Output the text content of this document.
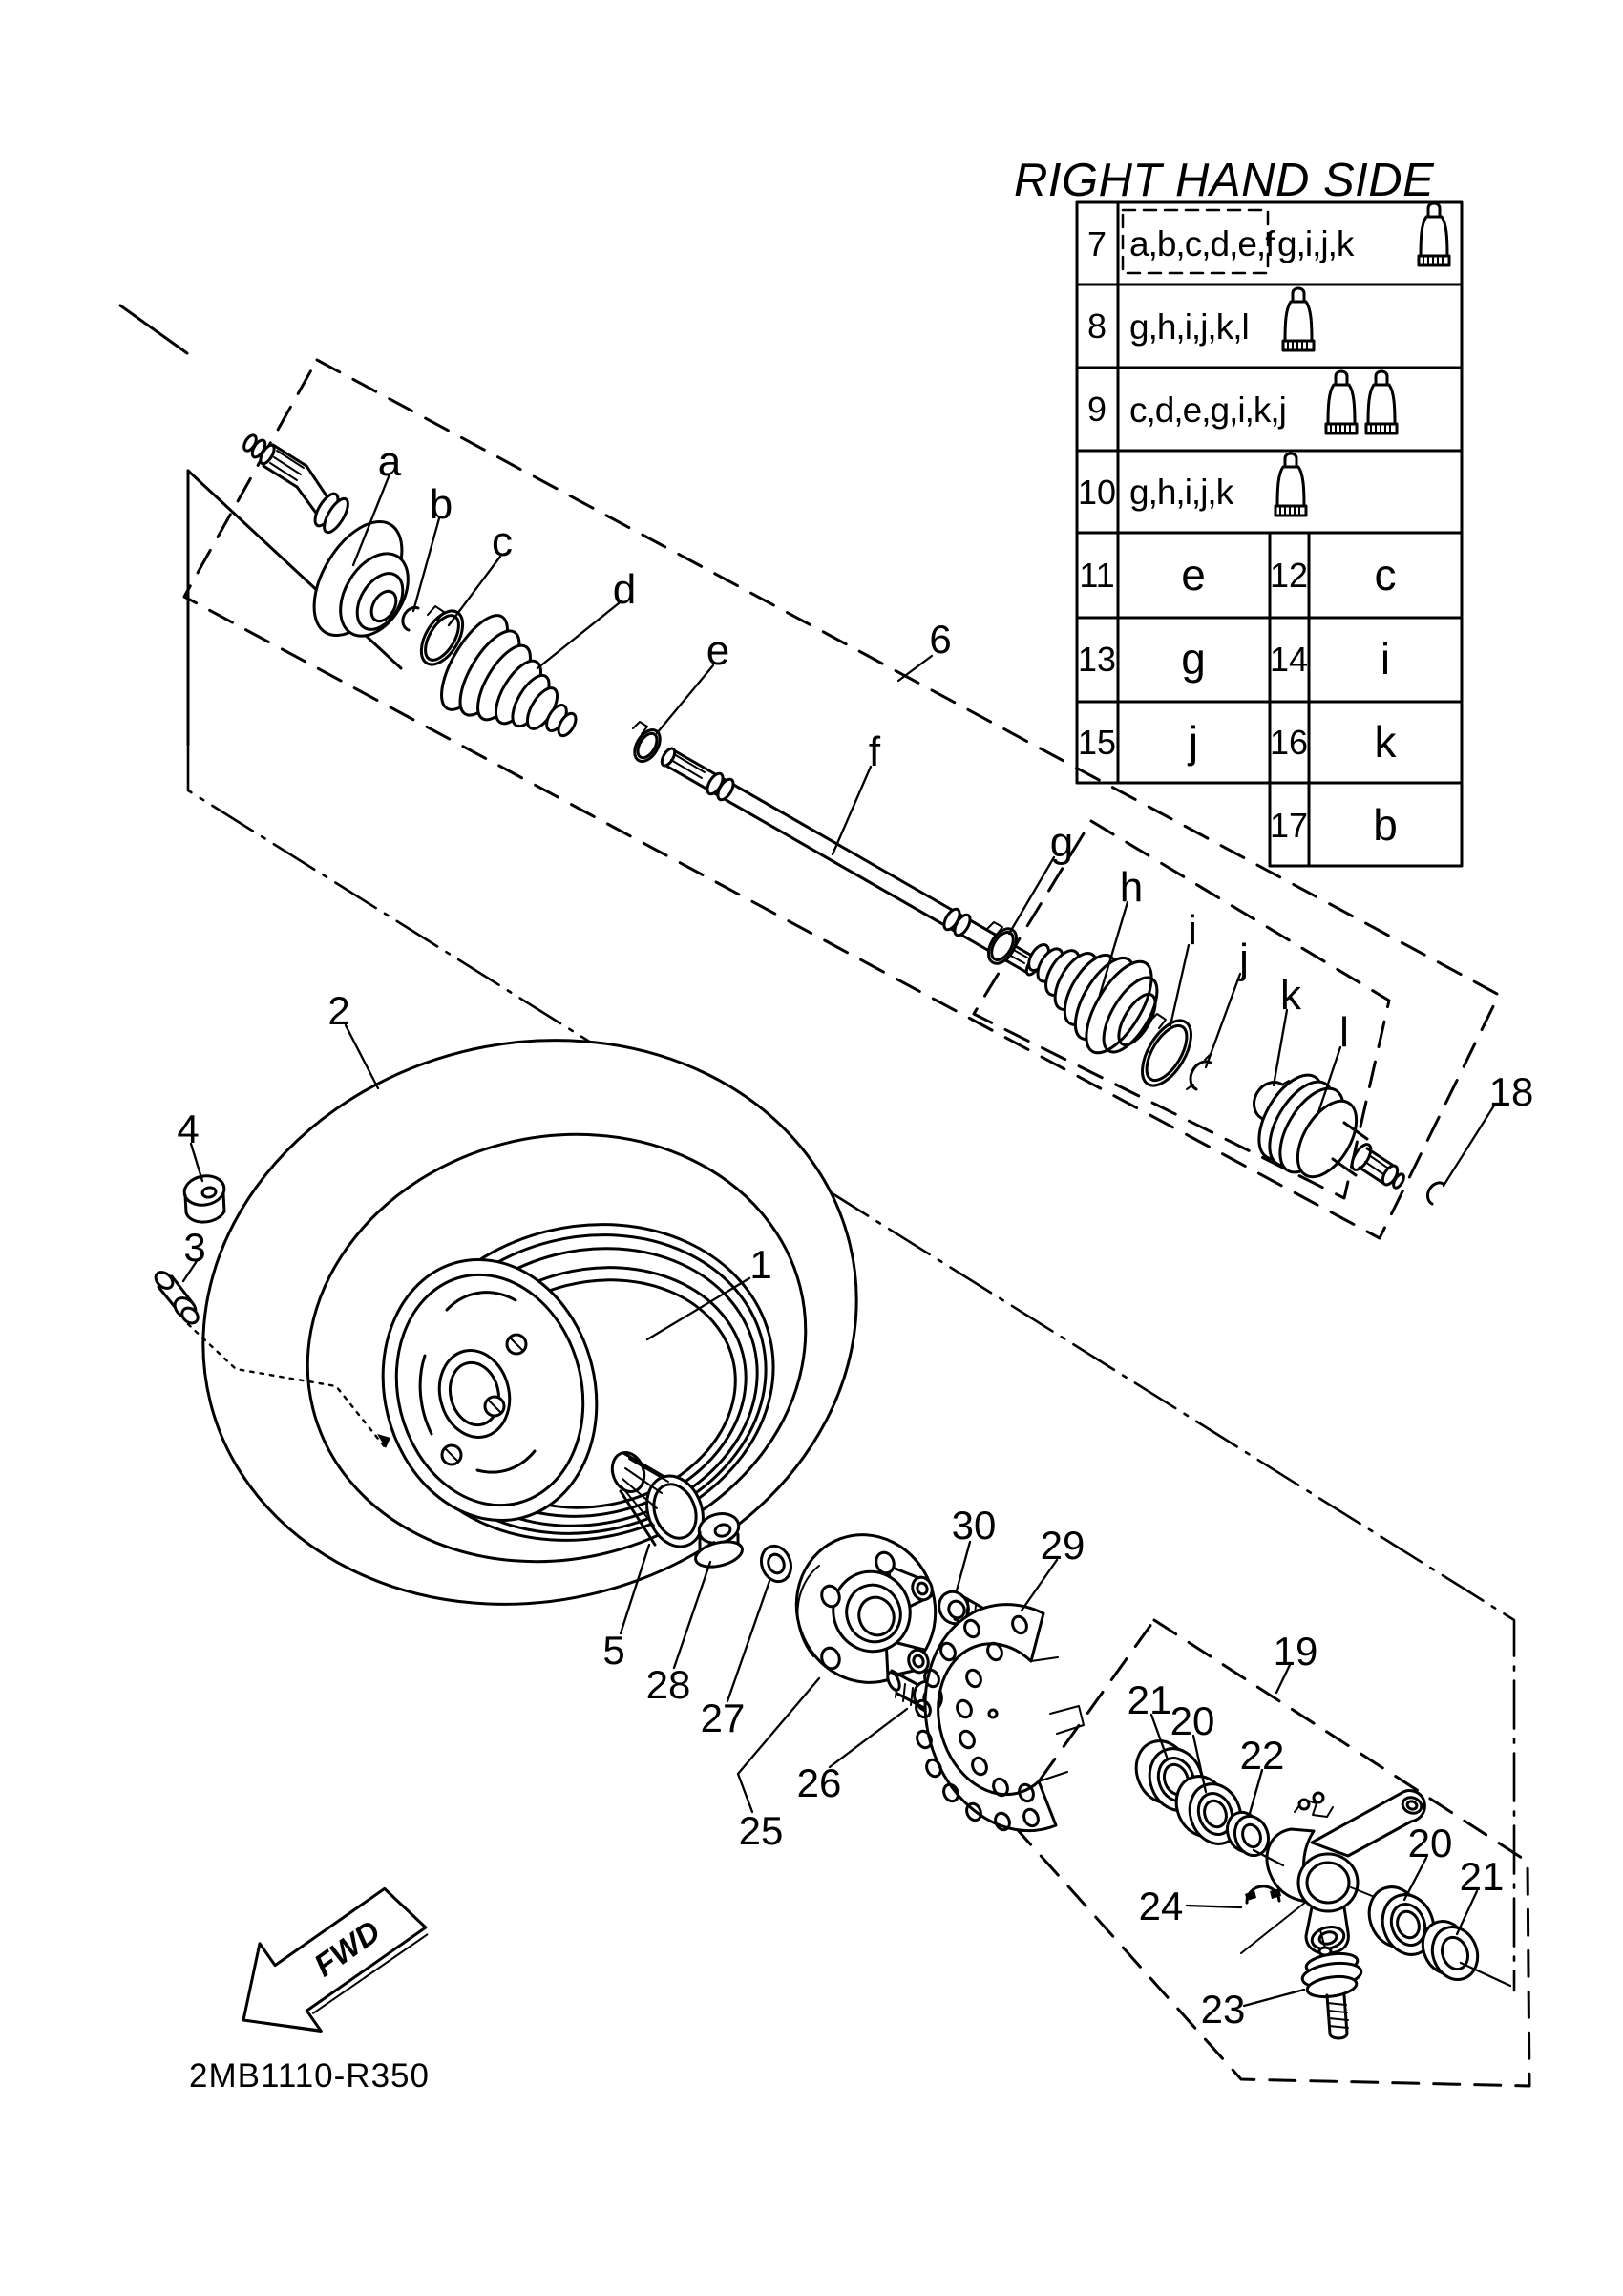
a
b
c
d
e
f
6
g
h
i
j
k
l
18
2
4
3	1
5
28
27
26
25
30 29
19
21
20
22
20
21
24
23
RIGHT HAND SIDE
7 a,b,c,d,e,f g,i,j,k
8 g,h,i,j,k,l
9 c,d,e,g,i,k,j
10 g,h,i,j,k
11 e 12 c
13 g 14 i
15 j 16 k
17 b
FWD
2MB1110-R350
